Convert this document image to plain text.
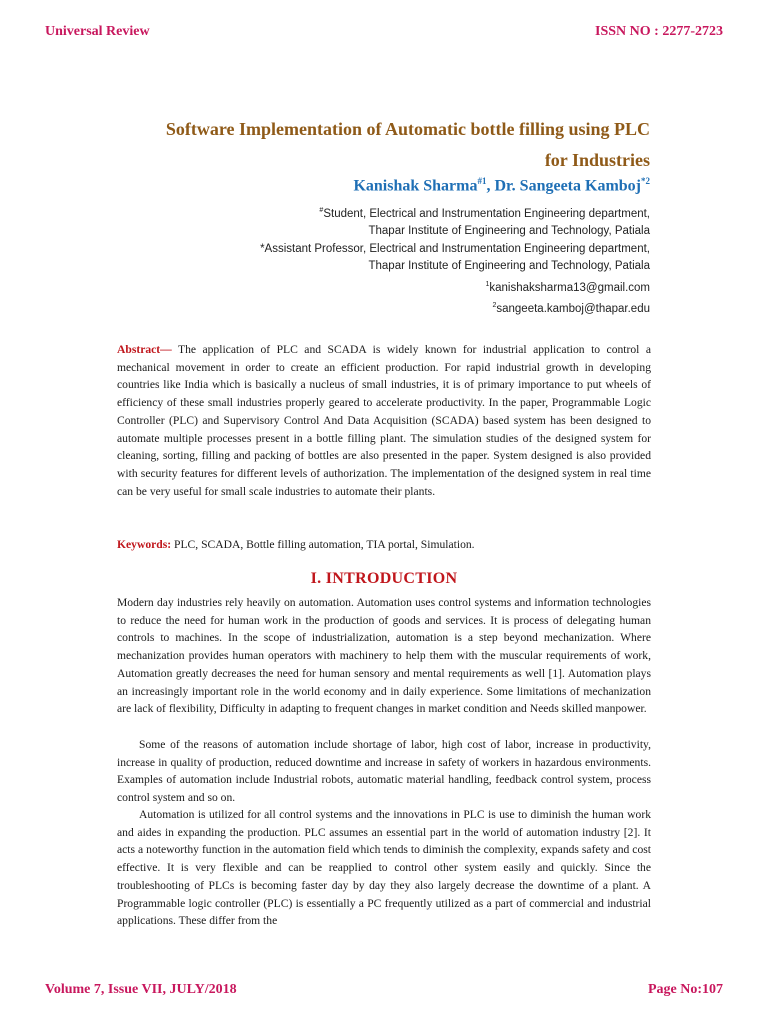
Universal Review	ISSN NO : 2277-2723
Software Implementation of Automatic bottle filling using PLC
for Industries
Kanishak Sharma$^{\#1}$, Dr. Sangeeta Kamboj$^{*2}$
#Student, Electrical and Instrumentation Engineering department,
Thapar Institute of Engineering and Technology, Patiala
*Assistant Professor, Electrical and Instrumentation Engineering department,
Thapar Institute of Engineering and Technology, Patiala
$^1$kanishaksharma13@gmail.com
$^2$sangeeta.kamboj@thapar.edu
Abstract— The application of PLC and SCADA is widely known for industrial application to control a mechanical movement in order to create an efficient production. For rapid industrial growth in developing countries like India which is basically a nucleus of small industries, it is of primary importance to put wheels of efficiency of these small industries properly geared to accelerate productivity. In the paper, Programmable Logic Controller (PLC) and Supervisory Control And Data Acquisition (SCADA) based system has been designed to automate multiple processes present in a bottle filling plant. The simulation studies of the designed system for cleaning, sorting, filling and packing of bottles are also presented in the paper. System designed is also provided with security features for different levels of authorization. The implementation of the designed system in real time can be very useful for small scale industries to automate their plants.
Keywords: PLC, SCADA, Bottle filling automation, TIA portal, Simulation.
I. INTRODUCTION
Modern day industries rely heavily on automation. Automation uses control systems and information technologies to reduce the need for human work in the production of goods and services. It is process of delegating human controls to machines. In the scope of industrialization, automation is a step beyond mechanization. Where mechanization provides human operators with machinery to help them with the muscular requirements of work, Automation greatly decreases the need for human sensory and mental requirements as well [1]. Automation plays an increasingly important role in the world economy and in daily experience. Some limitations of mechanization are lack of flexibility, Difficulty in adapting to frequent changes in market condition and Needs skilled manpower.
Some of the reasons of automation include shortage of labor, high cost of labor, increase in productivity, increase in quality of production, reduced downtime and increase in safety of workers in hazardous environments. Examples of automation include Industrial robots, automatic material handling, feedback control system, process control system and so on.
Automation is utilized for all control systems and the innovations in PLC is use to diminish the human work and aides in expanding the production. PLC assumes an essential part in the world of automation industry [2]. It acts a noteworthy function in the automation field which tends to diminish the complexity, expands safety and cost effective. It is very flexible and can be reapplied to control other system easily and quickly. Since the troubleshooting of PLCs is becoming faster day by day they also largely decrease the downtime of a plant. A Programmable logic controller (PLC) is essentially a PC frequently utilized as a part of commercial and industrial applications. These differ from the
Volume 7, Issue VII, JULY/2018	Page No:107
